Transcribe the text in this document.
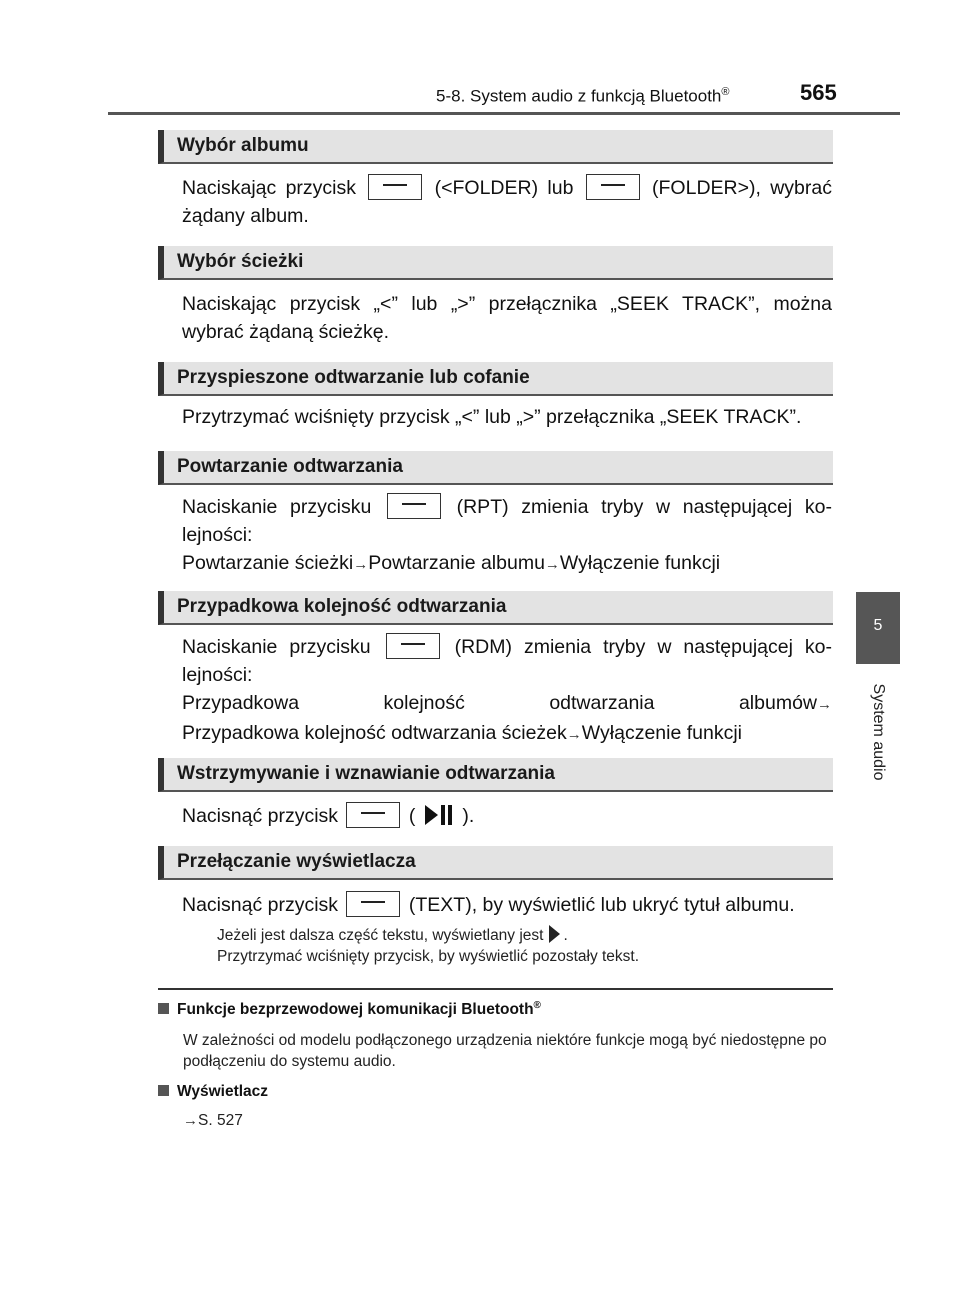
5-8. System audio z funkcją Bluetooth®	565
5
System audio
Wybór albumu
Naciskając przycisk	(<FOLDER) lub	(FOLDER>), wybrać
żądany album.
Wybór ścieżki
Naciskając przycisk „<” lub „>” przełącznika „SEEK TRACK”, można
wybrać żądaną ścieżkę.
Przyspieszone odtwarzanie lub cofanie
Przytrzymać wciśnięty przycisk „<” lub „>” przełącznika „SEEK TRACK”.
Powtarzanie odtwarzania
Naciskanie przycisku	(RPT) zmienia tryby w następującej ko-
lejności:
Powtarzanie ścieżki→Powtarzanie albumu→Wyłączenie funkcji
Przypadkowa kolejność odtwarzania
Naciskanie przycisku	(RDM) zmienia tryby w następującej ko-
lejności:
Przypadkowa kolejność odtwarzania albumów→
Przypadkowa kolejność odtwarzania ścieżek→Wyłączenie funkcji
Wstrzymywanie i wznawianie odtwarzania
Nacisnąć przycisk	( ).
Przełączanie wyświetlacza
Nacisnąć przycisk	(TEXT), by wyświetlić lub ukryć tytuł albumu.
Jeżeli jest dalsza część tekstu, wyświetlany jest .
Przytrzymać wciśnięty przycisk, by wyświetlić pozostały tekst.
Funkcje bezprzewodowej komunikacji Bluetooth®
W zależności od modelu podłączonego urządzenia niektóre funkcje mogą być niedostępne po podłączeniu do systemu audio.
Wyświetlacz
→S. 527
